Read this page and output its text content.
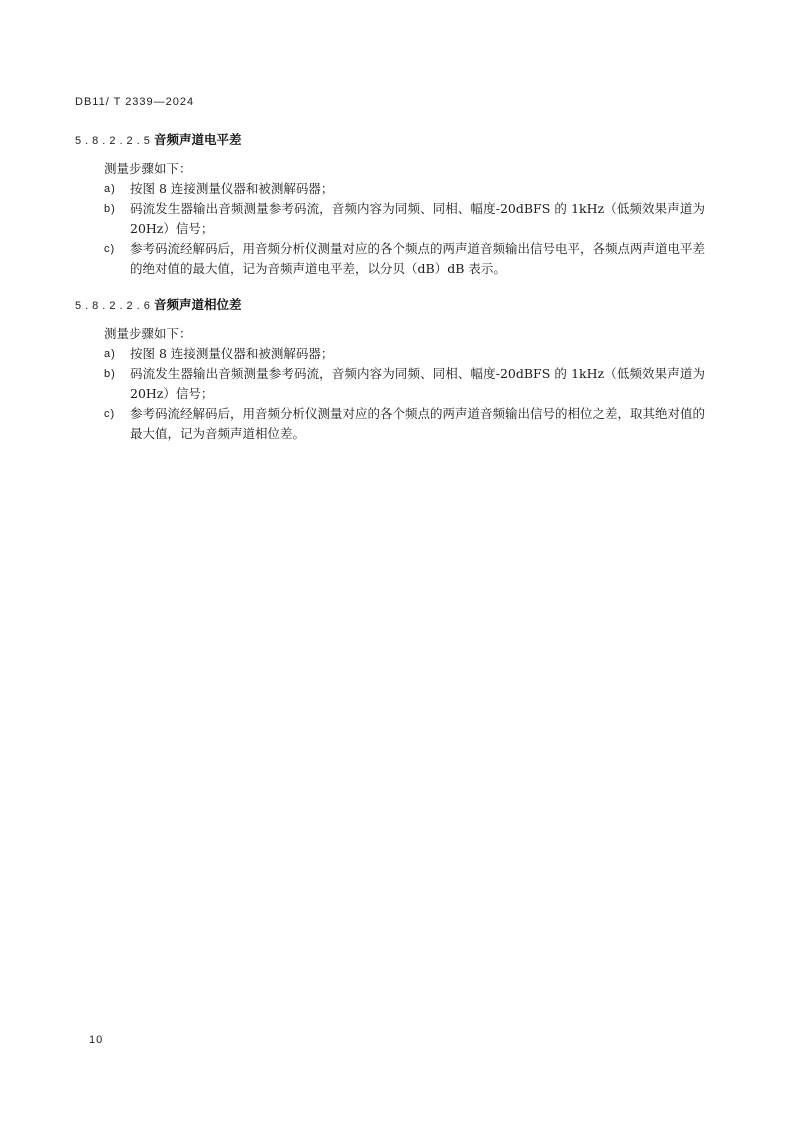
DB11/ T 2339—2024
5.8.2.2.5 音频声道电平差
测量步骤如下：
a)	按图 8 连接测量仪器和被测解码器；
b)	码流发生器输出音频测量参考码流，音频内容为同频、同相、幅度-20dBFS 的 1kHz（低频效果声道为 20Hz）信号；
c)	参考码流经解码后，用音频分析仪测量对应的各个频点的两声道音频输出信号电平，各频点两声道电平差的绝对值的最大值，记为音频声道电平差，以分贝（dB）dB 表示。
5.8.2.2.6 音频声道相位差
测量步骤如下：
a)	按图 8 连接测量仪器和被测解码器；
b)	码流发生器输出音频测量参考码流，音频内容为同频、同相、幅度-20dBFS 的 1kHz（低频效果声道为 20Hz）信号；
c)	参考码流经解码后，用音频分析仪测量对应的各个频点的两声道音频输出信号的相位之差，取其绝对值的最大值，记为音频声道相位差。
10
